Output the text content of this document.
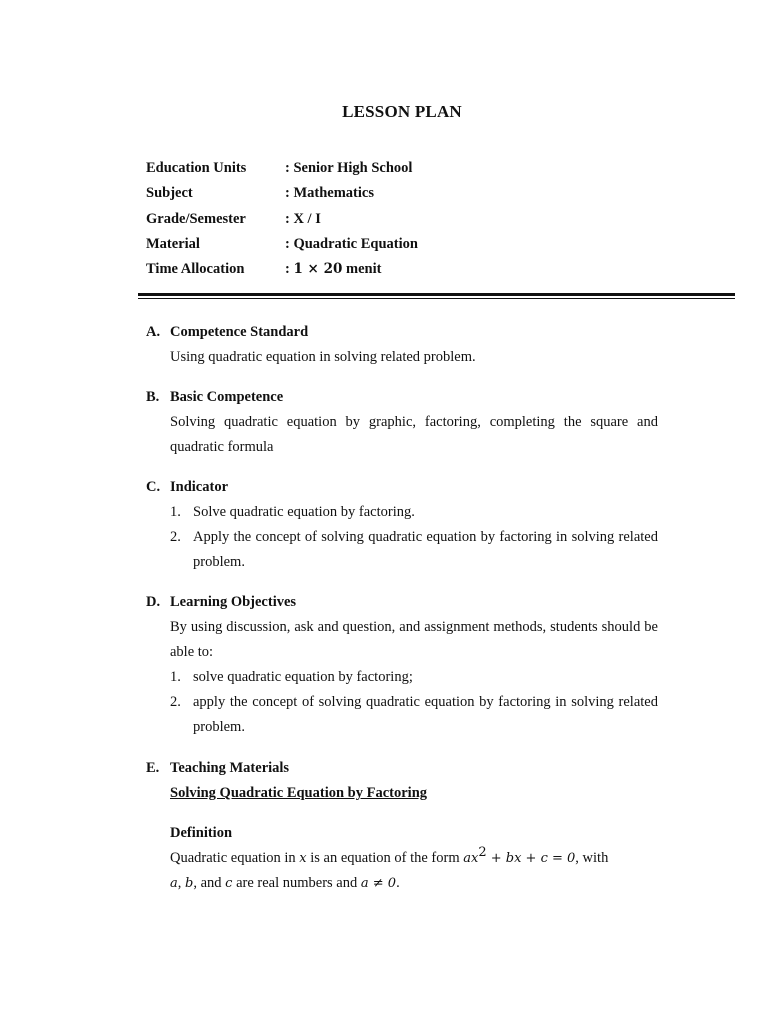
LESSON PLAN
Education Units	: Senior High School
Subject	: Mathematics
Grade/Semester	: X / I
Material	: Quadratic Equation
Time Allocation	: 1 × 20 menit
A. Competence Standard
Using quadratic equation in solving related problem.
B. Basic Competence
Solving quadratic equation by graphic, factoring, completing the square and quadratic formula
C. Indicator
1. Solve quadratic equation by factoring.
2. Apply the concept of solving quadratic equation by factoring in solving related problem.
D. Learning Objectives
By using discussion, ask and question, and assignment methods, students should be able to:
1. solve quadratic equation by factoring;
2. apply the concept of solving quadratic equation by factoring in solving related problem.
E. Teaching Materials
Solving Quadratic Equation by Factoring
Definition
Quadratic equation in x is an equation of the form $ax^2$ + bx + c = 0, with
a, b, and c are real numbers and a ≠ 0.
